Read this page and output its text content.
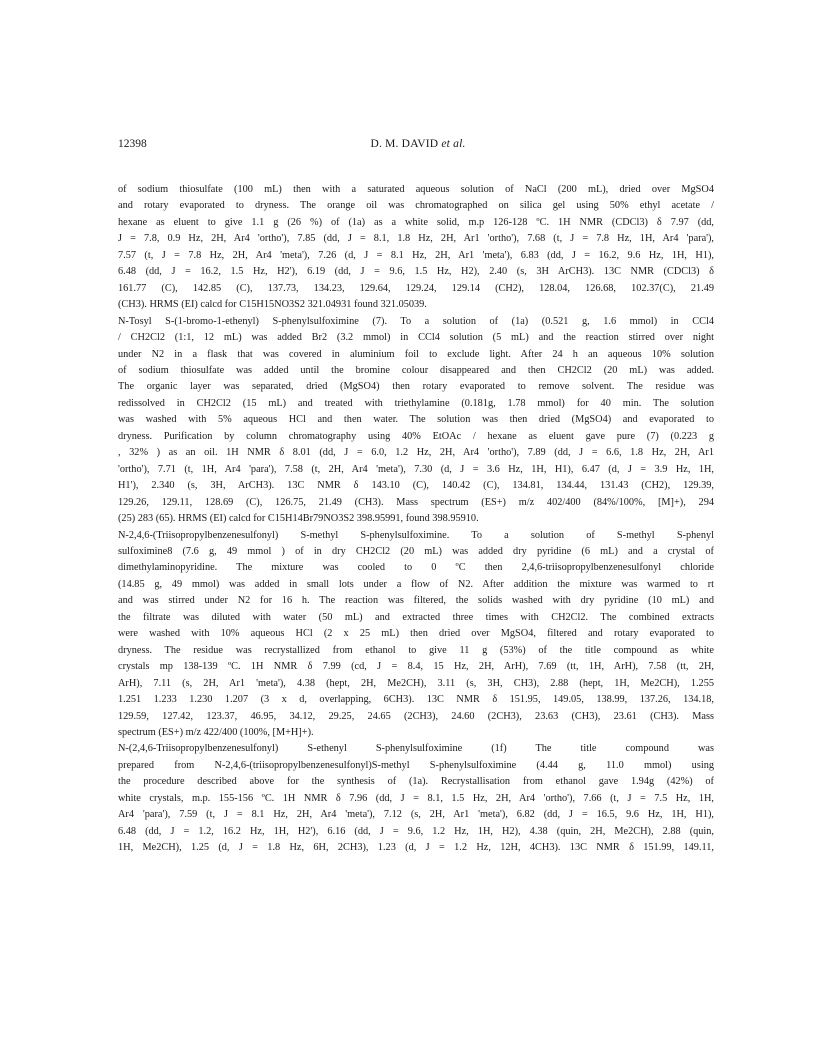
12398	D. M. DAVID et al.

of sodium thiosulfate (100 mL) then with a saturated aqueous solution of NaCl (200 mL), dried over MgSO4
and rotary evaporated to dryness. The orange oil was chromatographed on silica gel using 50% ethyl acetate /
hexane as eluent to give 1.1 g (26 %) of (1a) as a white solid, m.p 126-128 ºC. 1H NMR (CDCl3) δ 7.97 (dd,
J = 7.8, 0.9 Hz, 2H, Ar4 'ortho'), 7.85 (dd, J = 8.1, 1.8 Hz, 2H, Ar1 'ortho'), 7.68 (t, J = 7.8 Hz, 1H, Ar4 'para'),
7.57 (t, J = 7.8 Hz, 2H, Ar4 'meta'), 7.26 (d, J = 8.1 Hz, 2H, Ar1 'meta'), 6.83 (dd, J = 16.2, 9.6 Hz, 1H, H1),
6.48 (dd, J = 16.2, 1.5 Hz, H2'), 6.19 (dd, J = 9.6, 1.5 Hz, H2), 2.40 (s, 3H ArCH3). 13C NMR (CDCl3) δ
161.77 (C), 142.85 (C), 137.73, 134.23, 129.64, 129.24, 129.14 (CH2), 128.04, 126.68, 102.37(C), 21.49
(CH3). HRMS (EI) calcd for C15H15NO3S2 321.04931 found 321.05039.

N-Tosyl S-(1-bromo-1-ethenyl) S-phenylsulfoximine (7). To a solution of (1a) (0.521 g, 1.6 mmol) in CCl4
/ CH2Cl2 (1:1, 12 mL) was added Br2 (3.2 mmol) in CCl4 solution (5 mL) and the reaction stirred over night
under N2 in a flask that was covered in aluminium foil to exclude light. After 24 h an aqueous 10% solution
of sodium thiosulfate was added until the bromine colour disappeared and then CH2Cl2 (20 mL) was added.
The organic layer was separated, dried (MgSO4) then rotary evaporated to remove solvent. The residue was
redissolved in CH2Cl2 (15 mL) and treated with triethylamine (0.181g, 1.78 mmol) for 40 min. The solution
was washed with 5% aqueous HCl and then water. The solution was then dried (MgSO4) and evaporated to
dryness. Purification by column chromatography using 40% EtOAc / hexane as eluent gave pure (7) (0.223 g
, 32% ) as an oil. 1H NMR δ 8.01 (dd, J = 6.0, 1.2 Hz, 2H, Ar4 'ortho'), 7.89 (dd, J = 6.6, 1.8 Hz, 2H, Ar1
'ortho'), 7.71 (t, 1H, Ar4 'para'), 7.58 (t, 2H, Ar4 'meta'), 7.30 (d, J = 3.6 Hz, 1H, H1), 6.47 (d, J = 3.9 Hz, 1H,
H1'), 2.340 (s, 3H, ArCH3). 13C NMR δ 143.10 (C), 140.42 (C), 134.81, 134.44, 131.43 (CH2), 129.39,
129.26, 129.11, 128.69 (C), 126.75, 21.49 (CH3). Mass spectrum (ES+) m/z 402/400 (84%/100%, [M]+), 294
(25) 283 (65). HRMS (EI) calcd for C15H14Br79NO3S2 398.95991, found 398.95910.

N-2,4,6-(Triisopropylbenzenesulfonyl) S-methyl S-phenylsulfoximine. To a solution of S-methyl S-phenyl
sulfoximine8 (7.6 g, 49 mmol ) of in dry CH2Cl2 (20 mL) was added dry pyridine (6 mL) and a crystal of
dimethylaminopyridine. The mixture was cooled to 0 ºC then 2,4,6-triisopropylbenzenesulfonyl chloride
(14.85 g, 49 mmol) was added in small lots under a flow of N2. After addition the mixture was warmed to rt
and was stirred under N2 for 16 h. The reaction was filtered, the solids washed with dry pyridine (10 mL) and
the filtrate was diluted with water (50 mL) and extracted three times with CH2Cl2. The combined extracts
were washed with 10% aqueous HCl (2 x 25 mL) then dried over MgSO4, filtered and rotary evaporated to
dryness. The residue was recrystallized from ethanol to give 11 g (53%) of the title compound as white
crystals mp 138-139 ºC. 1H NMR δ 7.99 (cd, J = 8.4, 15 Hz, 2H, ArH), 7.69 (tt, 1H, ArH), 7.58 (tt, 2H,
ArH), 7.11 (s, 2H, Ar1 'meta'), 4.38 (hept, 2H, Me2CH), 3.11 (s, 3H, CH3), 2.88 (hept, 1H, Me2CH), 1.255
1.251 1.233 1.230 1.207 (3 x d, overlapping, 6CH3). 13C NMR δ 151.95, 149.05, 138.99, 137.26, 134.18,
129.59, 127.42, 123.37, 46.95, 34.12, 29.25, 24.65 (2CH3), 24.60 (2CH3), 23.63 (CH3), 23.61 (CH3). Mass
spectrum (ES+) m/z 422/400 (100%, [M+H]+).

N-(2,4,6-Triisopropylbenzenesulfonyl) S-ethenyl S-phenylsulfoximine (1f) The title compound was
prepared from N-2,4,6-(triisopropylbenzenesulfonyl)S-methyl S-phenylsulfoximine (4.44 g, 11.0 mmol) using
the procedure described above for the synthesis of (1a). Recrystallisation from ethanol gave 1.94g (42%) of
white crystals, m.p. 155-156 ºC. 1H NMR δ 7.96 (dd, J = 8.1, 1.5 Hz, 2H, Ar4 'ortho'), 7.66 (t, J = 7.5 Hz, 1H,
Ar4 'para'), 7.59 (t, J = 8.1 Hz, 2H, Ar4 'meta'), 7.12 (s, 2H, Ar1 'meta'), 6.82 (dd, J = 16.5, 9.6 Hz, 1H, H1),
6.48 (dd, J = 1.2, 16.2 Hz, 1H, H2'), 6.16 (dd, J = 9.6, 1.2 Hz, 1H, H2), 4.38 (quin, 2H, Me2CH), 2.88 (quin,
1H, Me2CH), 1.25 (d, J = 1.8 Hz, 6H, 2CH3), 1.23 (d, J = 1.2 Hz, 12H, 4CH3). 13C NMR δ 151.99, 149.11,
